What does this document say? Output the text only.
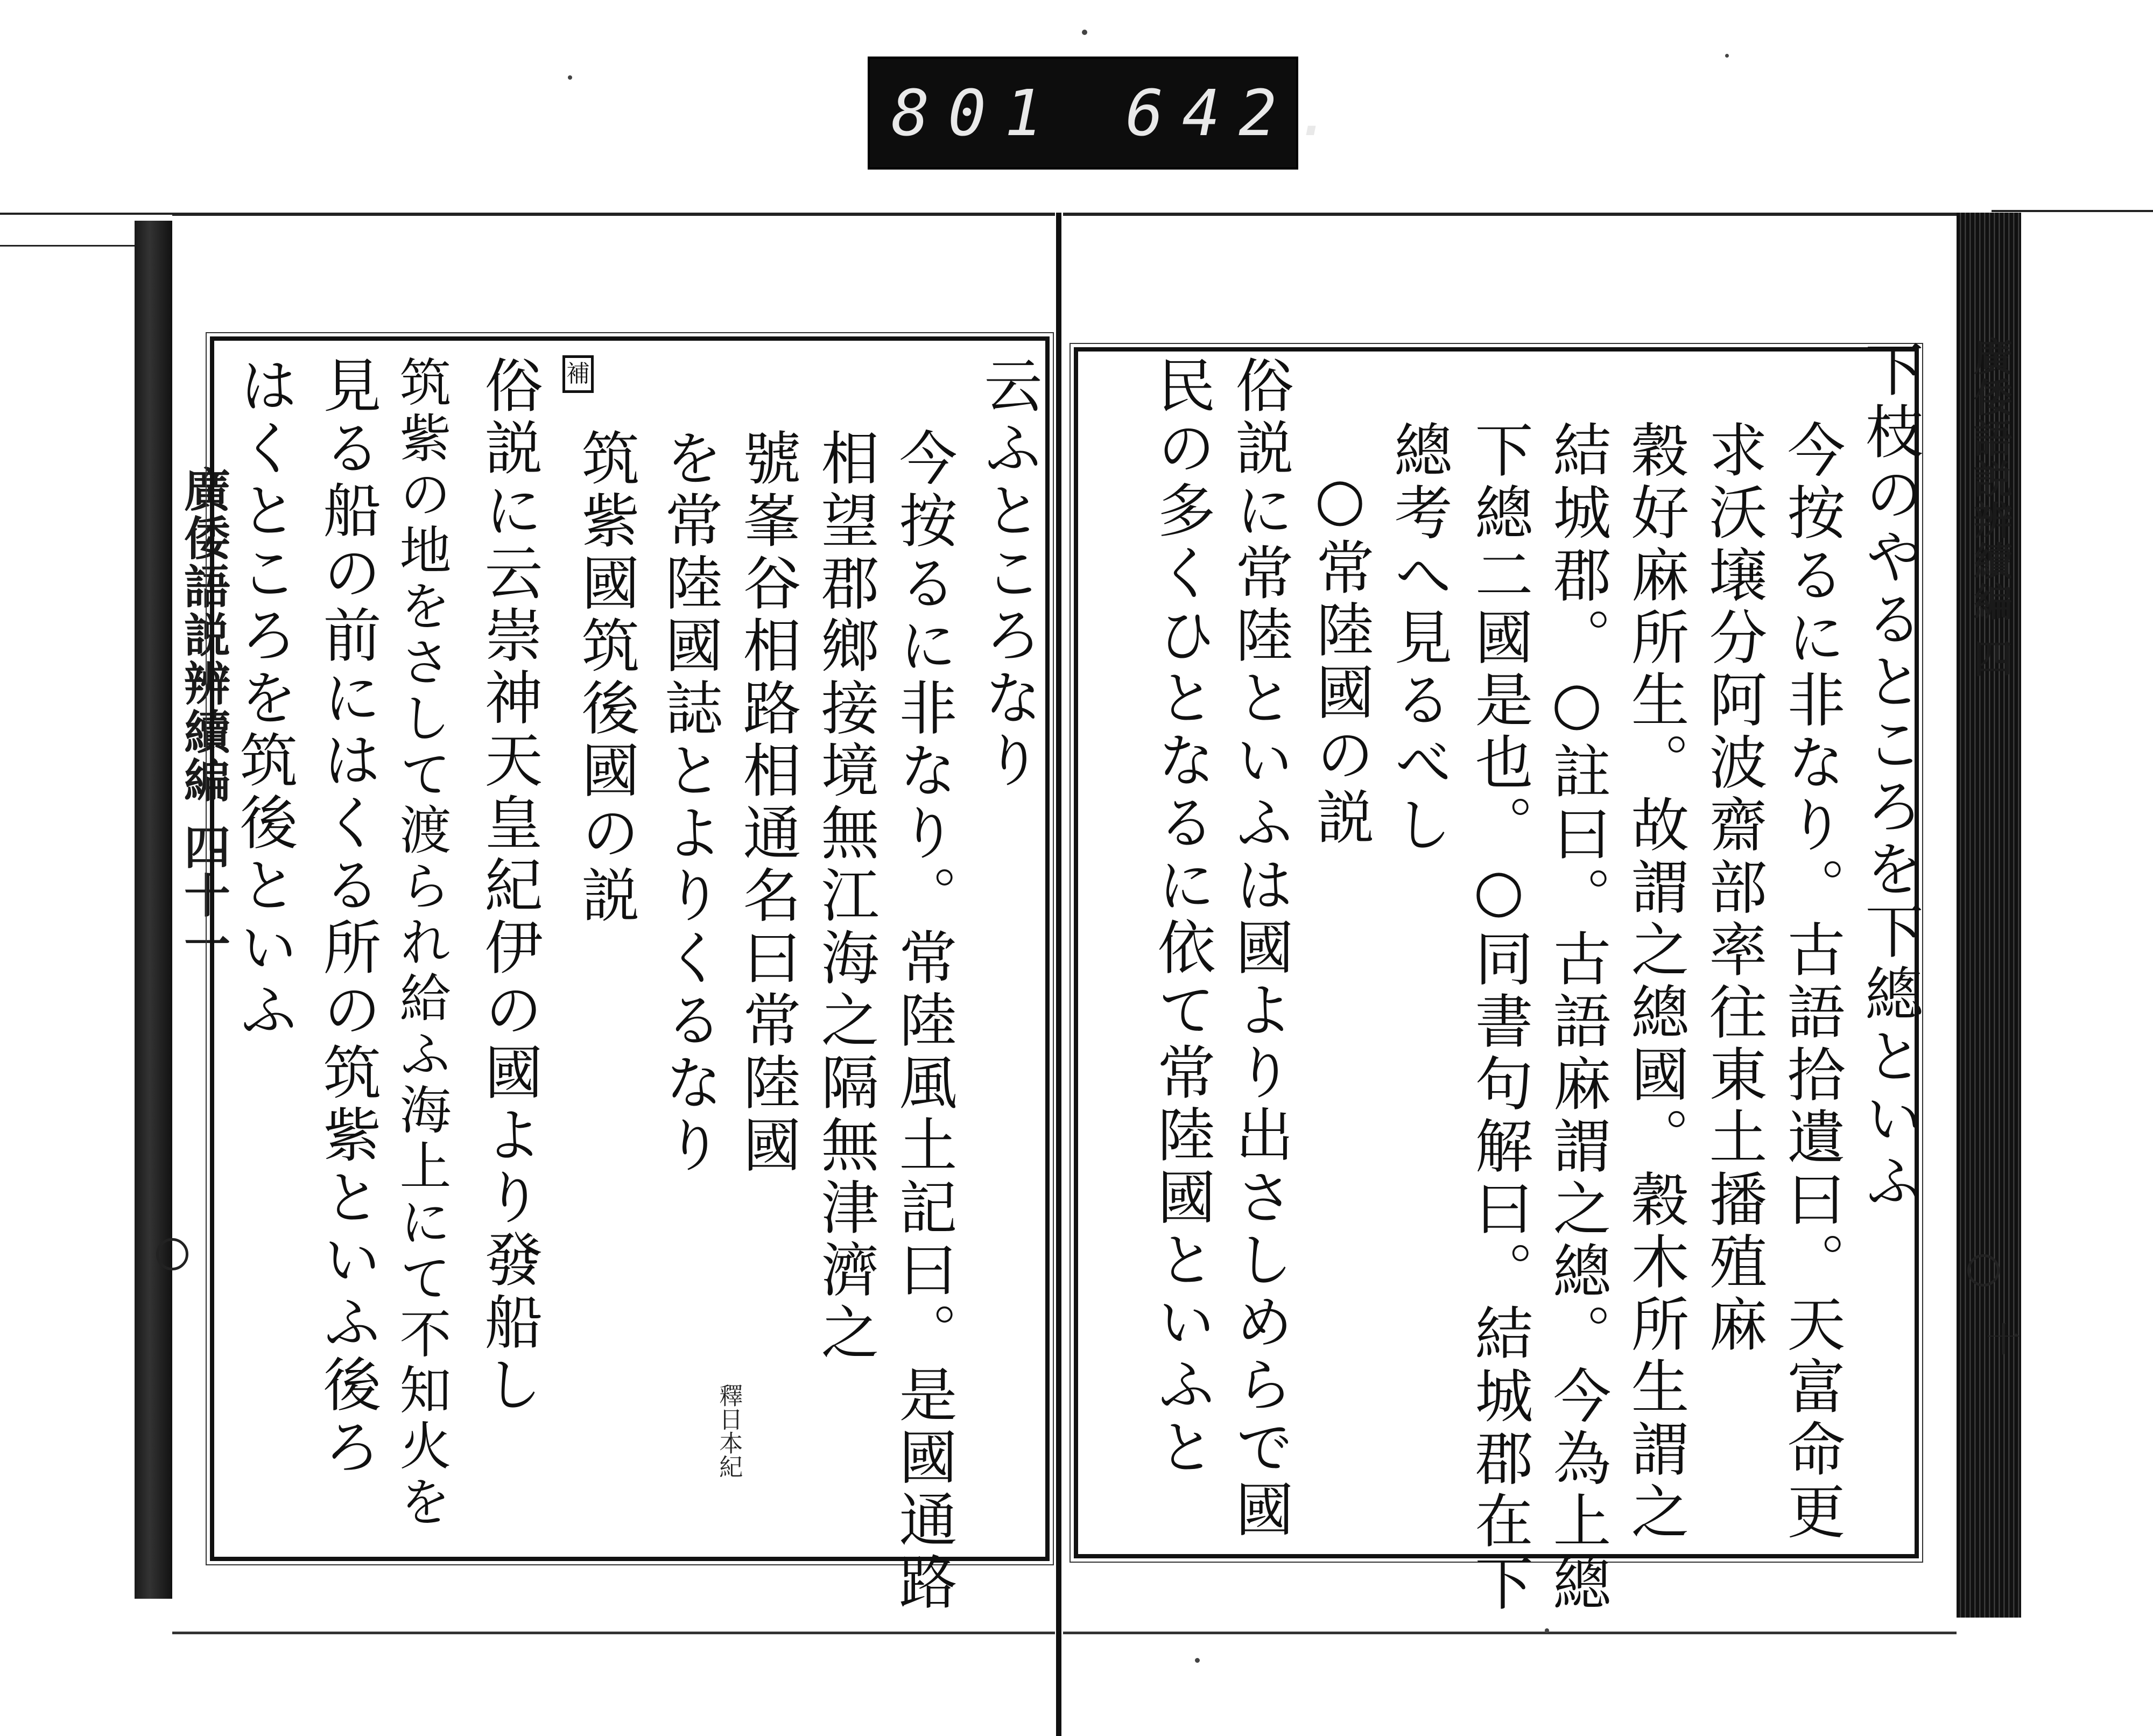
801 642.
廣倭語説辨續編 四十一	云ふところなり
今按るに非なり。常陸風土記曰。是國通路
相望郡鄉接境無江海之隔無津濟之
號峯谷相路相通名曰常陸國
を常陸國誌とよりくるなり
補
筑紫國筑後國の説
俗説に云崇神天皇紀伊の國より發船し
筑紫の地をさして渡られ給ふ海上にて不知火を
見る船の前にはくる所の筑紫といふ後ろ
はくところを筑後といふ
釋日本紀
下枝のやるところを下總といふ
今按るに非なり。古語拾遺曰。天富命更
求沃壌分阿波齋部率往東土播殖麻
穀好麻所生。故謂之總國。穀木所生謂之
結城郡。○註曰。古語麻謂之總。今為上總
下總二國是也。○同書句解曰。結城郡在下
總考へ見るべし
○常陸國の説
俗説に常陸といふは國より出さしめらで國
民の多くひとなるに依て常陸國といふと	廣倭語説辨續編 四
十
